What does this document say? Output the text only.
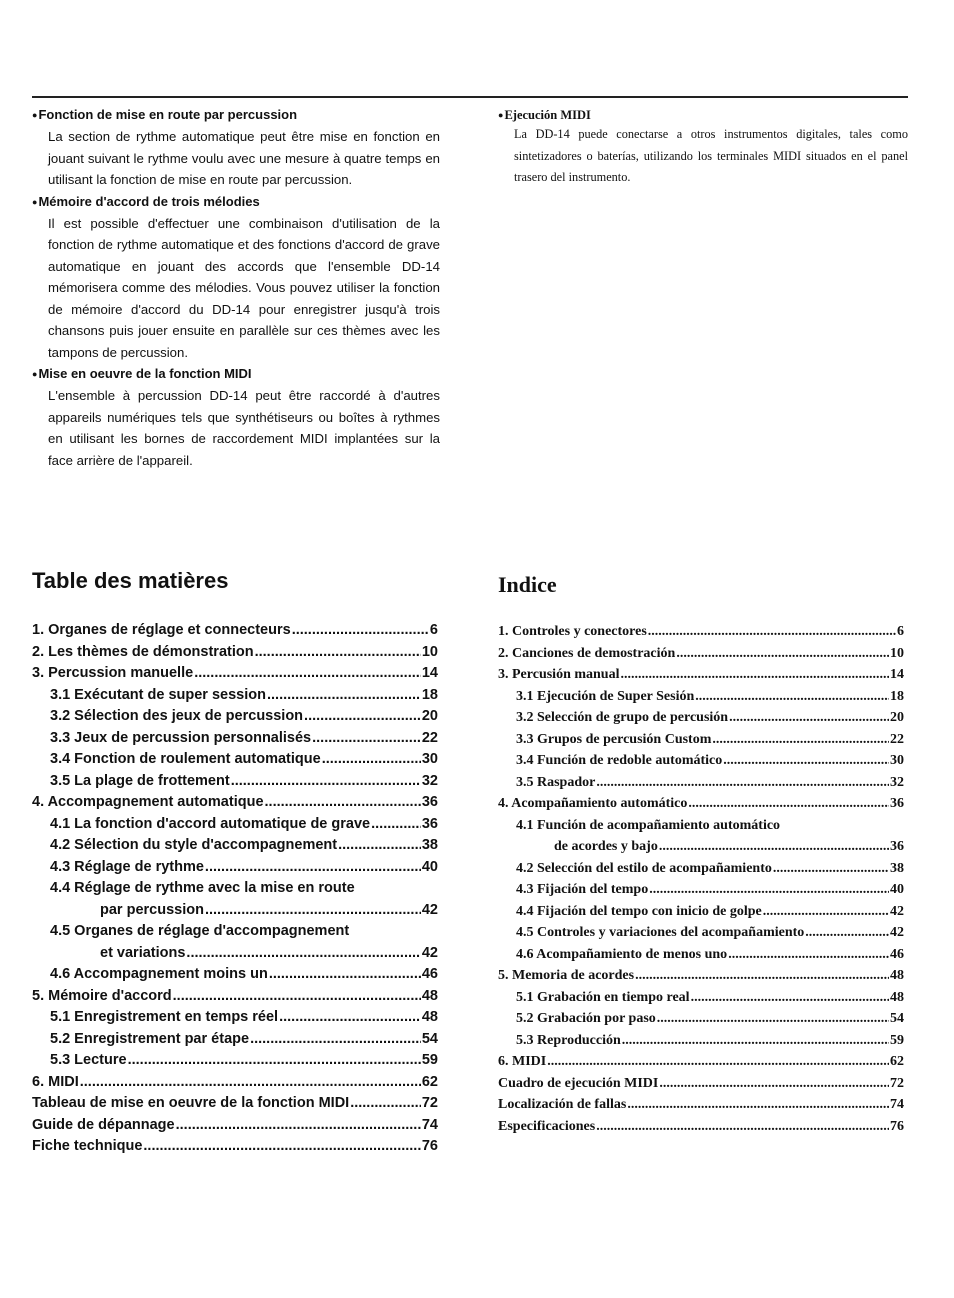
● Fonction de mise en route par percussion

La section de rythme automatique peut être mise en fonction en jouant suivant le rythme voulu avec une mesure à quatre temps en utilisant la fonction de mise en route par percussion.

● Mémoire d'accord de trois mélodies

Il est possible d'effectuer une combinaison d'utilisation de la fonction de rythme automatique et des fonctions d'accord de grave automatique en jouant des accords que l'ensemble DD-14 mémorisera comme des mélodies. Vous pouvez utiliser la fonction de mémoire d'accord du DD-14 pour enregistrer jusqu'à trois chansons puis jouer ensuite en parallèle sur ces thèmes avec les tampons de percussion.

● Mise en oeuvre de la fonction MIDI

L'ensemble à percussion DD-14 peut être raccordé à d'autres appareils numériques tels que synthétiseurs ou boîtes à rythmes en utilisant les bornes de raccordement MIDI implantées sur la face arrière de l'appareil.

● Ejecución MIDI

La DD-14 puede conectarse a otros instrumentos digitales, tales como sintetizadores o baterías, utilizando los terminales MIDI situados en el panel trasero del instrumento.

Table des matières	Indice
1. Organes de réglage et connecteurs .....	6
2. Les thèmes de démonstration .....	10
3. Percussion manuelle .....	14
3.1 Exécutant de super session .....	18
3.2 Sélection des jeux de percussion .....	20
3.3 Jeux de percussion personnalisés .....	22
3.4 Fonction de roulement automatique .....	30
3.5 La plage de frottement .....	32
4. Accompagnement automatique .....	36
4.1 La fonction d'accord automatique de grave .....	36
4.2 Sélection du style d'accompagnement .....	38
4.3 Réglage de rythme .....	40
4.4 Réglage de rythme avec la mise en route
par percussion .....	42
4.5 Organes de réglage d'accompagnement
et variations .....	42
4.6 Accompagnement moins un .....	46
5. Mémoire d'accord .....	48
5.1 Enregistrement en temps réel .....	48
5.2 Enregistrement par étape .....	54
5.3 Lecture .....	59
6. MIDI .....	62
Tableau de mise en oeuvre de la fonction MIDI .....	72
Guide de dépannage .....	74
Fiche technique .....	76
1. Controles y conectores .....	6
2. Canciones de demostración .....	10
3. Percusión manual .....	14
3.1 Ejecución de Super Sesión .....	18
3.2 Selección de grupo de percusión .....	20
3.3 Grupos de percusión Custom .....	22
3.4 Función de redoble automático .....	30
3.5 Raspador .....	32
4. Acompañamiento automático .....	36
4.1 Función de acompañamiento automático
de acordes y bajo .....	36
4.2 Selección del estilo de acompañamiento .....	38
4.3 Fijación del tempo .....	40
4.4 Fijación del tempo con inicio de golpe .....	42
4.5 Controles y variaciones del acompañamiento .....	42
4.6 Acompañamiento de menos uno .....	46
5. Memoria de acordes .....	48
5.1 Grabación en tiempo real .....	48
5.2 Grabación por paso .....	54
5.3 Reproducción .....	59
6. MIDI .....	62
Cuadro de ejecución MIDI .....	72
Localización de fallas .....	74
Especificaciones .....	76
